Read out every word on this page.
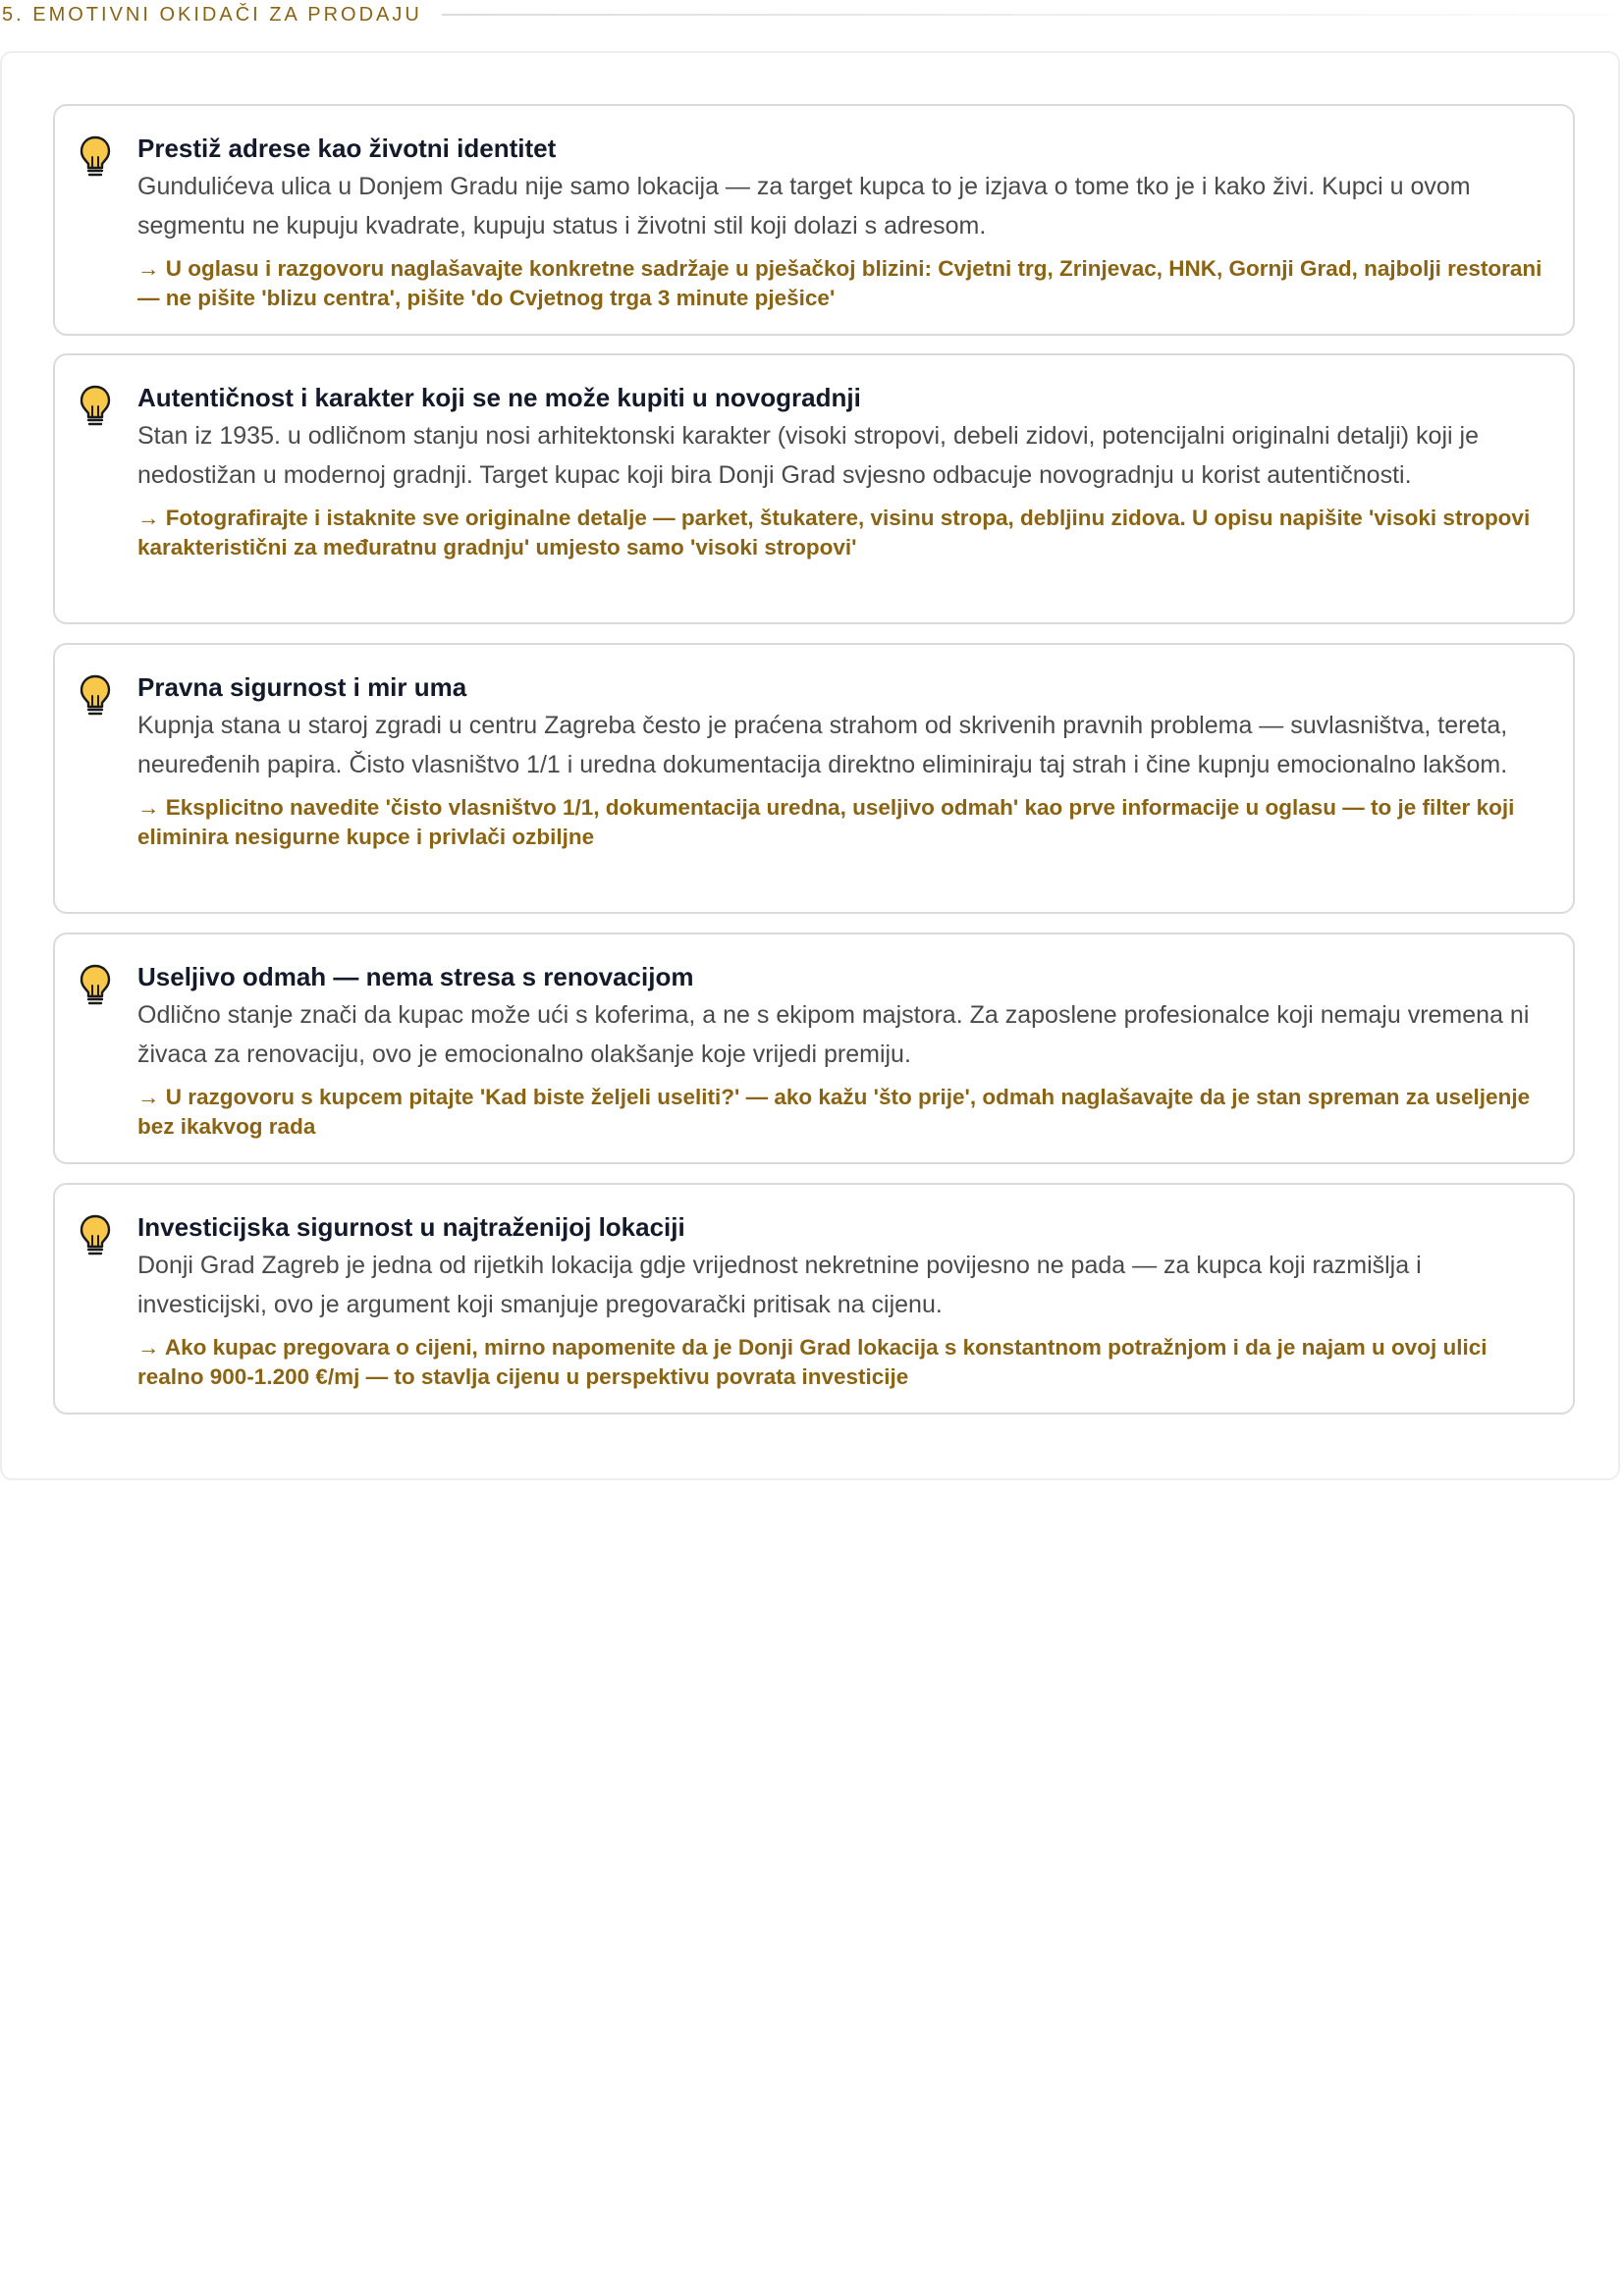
5. EMOTIVNI OKIDAČI ZA PRODAJU

Prestiž adrese kao životni identitet

Gundulićeva ulica u Donjem Gradu nije samo lokacija — za target kupca to je izjava o tome tko je i kako živi. Kupci u ovom segmentu ne kupuju kvadrate, kupuju status i životni stil koji dolazi s adresom.

→ U oglasu i razgovoru naglašavajte konkretne sadržaje u pješačkoj blizini: Cvjetni trg, Zrinjevac, HNK, Gornji Grad, najbolji restorani — ne pišite 'blizu centra', pišite 'do Cvjetnog trga 3 minute pješice'

Autentičnost i karakter koji se ne može kupiti u novogradnji

Stan iz 1935. u odličnom stanju nosi arhitektonski karakter (visoki stropovi, debeli zidovi, potencijalni originalni detalji) koji je nedostižan u modernoj gradnji. Target kupac koji bira Donji Grad svjesno odbacuje novogradnju u korist autentičnosti.

→ Fotografirajte i istaknite sve originalne detalje — parket, štukatere, visinu stropa, debljinu zidova. U opisu napišite 'visoki stropovi karakteristični za međuratnu gradnju' umjesto samo 'visoki stropovi'

Pravna sigurnost i mir uma

Kupnja stana u staroj zgradi u centru Zagreba često je praćena strahom od skrivenih pravnih problema — suvlasništva, tereta, neuređenih papira. Čisto vlasništvo 1/1 i uredna dokumentacija direktno eliminiraju taj strah i čine kupnju emocionalno lakšom.

→ Eksplicitno navedite 'čisto vlasništvo 1/1, dokumentacija uredna, useljivo odmah' kao prve informacije u oglasu — to je filter koji eliminira nesigurne kupce i privlači ozbiljne

Useljivo odmah — nema stresa s renovacijom

Odlično stanje znači da kupac može ući s koferima, a ne s ekipom majstora. Za zaposlene profesionalce koji nemaju vremena ni živaca za renovaciju, ovo je emocionalno olakšanje koje vrijedi premiju.

→ U razgovoru s kupcem pitajte 'Kad biste željeli useliti?' — ako kažu 'što prije', odmah naglašavajte da je stan spreman za useljenje bez ikakvog rada

Investicijska sigurnost u najtraženijoj lokaciji

Donji Grad Zagreb je jedna od rijetkih lokacija gdje vrijednost nekretnine povijesno ne pada — za kupca koji razmišlja i investicijski, ovo je argument koji smanjuje pregovarački pritisak na cijenu.

→ Ako kupac pregovara o cijeni, mirno napomenite da je Donji Grad lokacija s konstantnom potražnjom i da je najam u ovoj ulici realno 900-1.200 €/mj — to stavlja cijenu u perspektivu povrata investicije
